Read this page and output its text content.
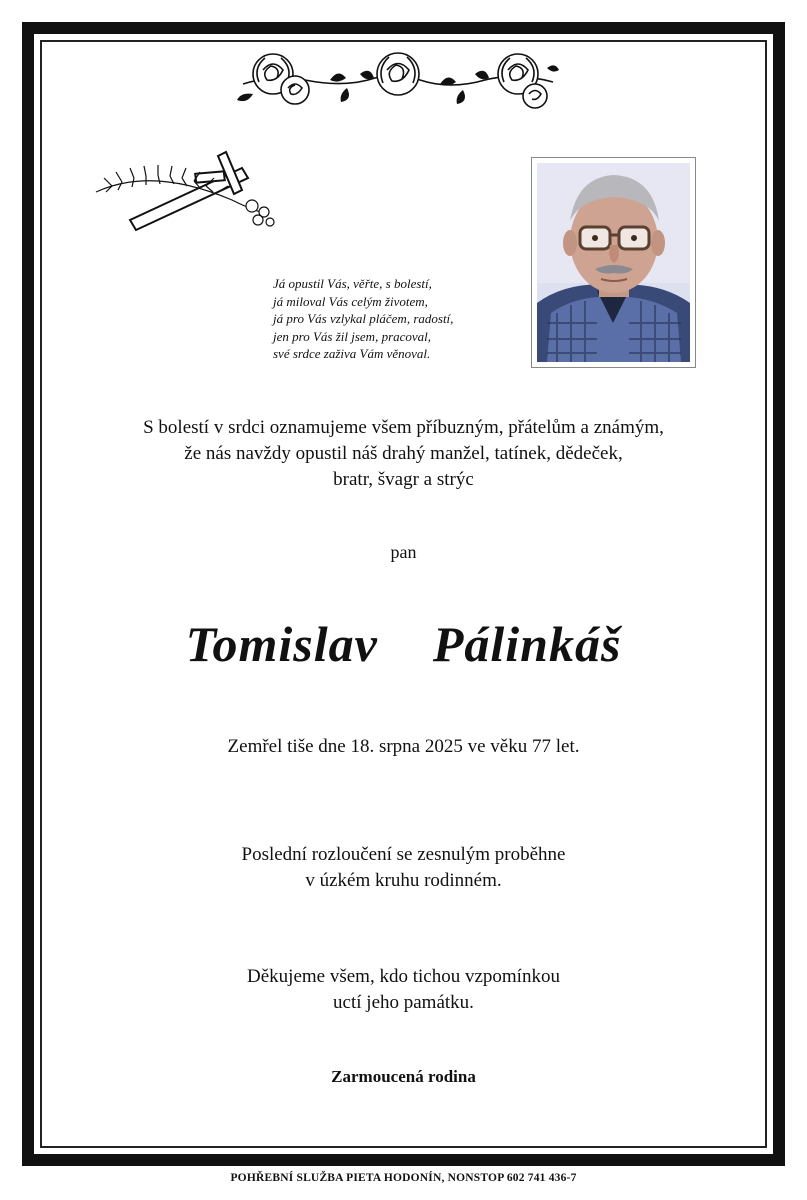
Já opustil Vás, věřte, s bolestí,
já miloval Vás celým životem,
já pro Vás vzlykal pláčem, radostí,
jen pro Vás žil jsem, pracoval,
své srdce zaživa Vám věnoval.
S bolestí v srdci oznamujeme všem příbuzným, přátelům a známým,
že nás navždy opustil náš drahý manžel, tatínek, dědeček,
bratr, švagr a strýc
pan
Tomislav  Pálinkáš
Zemřel tiše dne 18. srpna 2025 ve věku 77 let.
Poslední rozloučení se zesnulým proběhne
v úzkém kruhu rodinném.
Děkujeme všem, kdo tichou vzpomínkou
uctí jeho památku.
Zarmoucená rodina
POHŘEBNÍ SLUŽBA PIETA HODONÍN, NONSTOP 602 741 436-7
